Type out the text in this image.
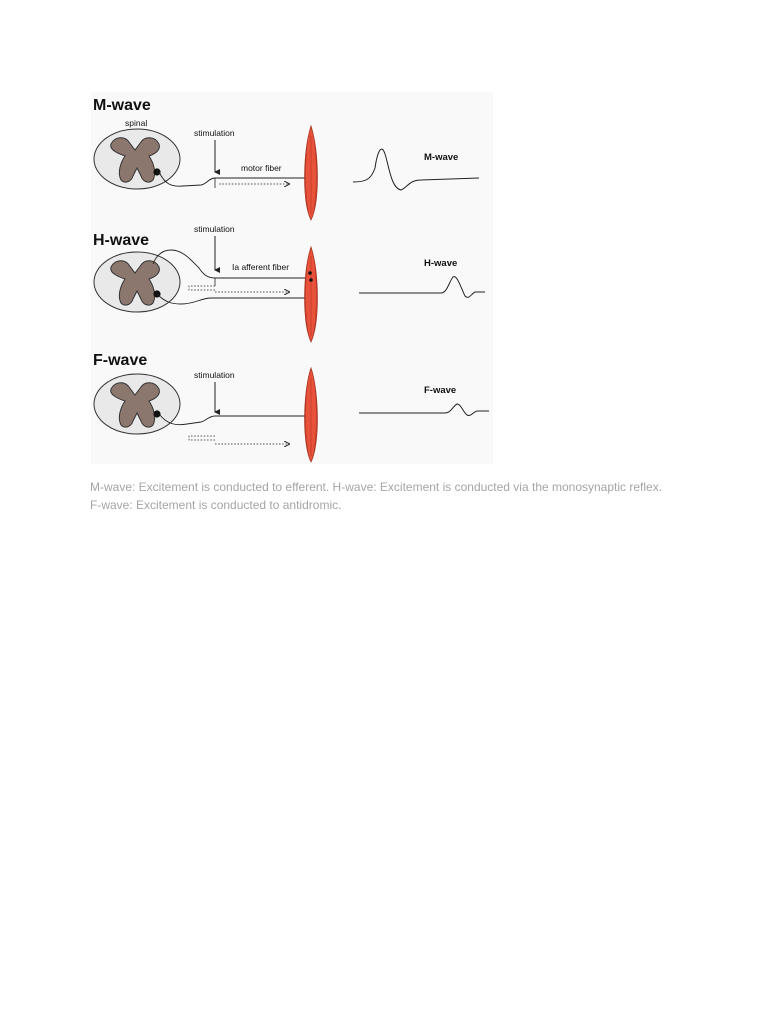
M-wave
spinal
stimulation
motor fiber
M-wave
H-wave
stimulation
Ia afferent fiber	H-wave
F-wave
stimulation
F-wave

M-wave: Excitement is conducted to efferent. H-wave: Excitement is conducted via the monosynaptic reflex. F-wave: Excitement is conducted to antidromic.
